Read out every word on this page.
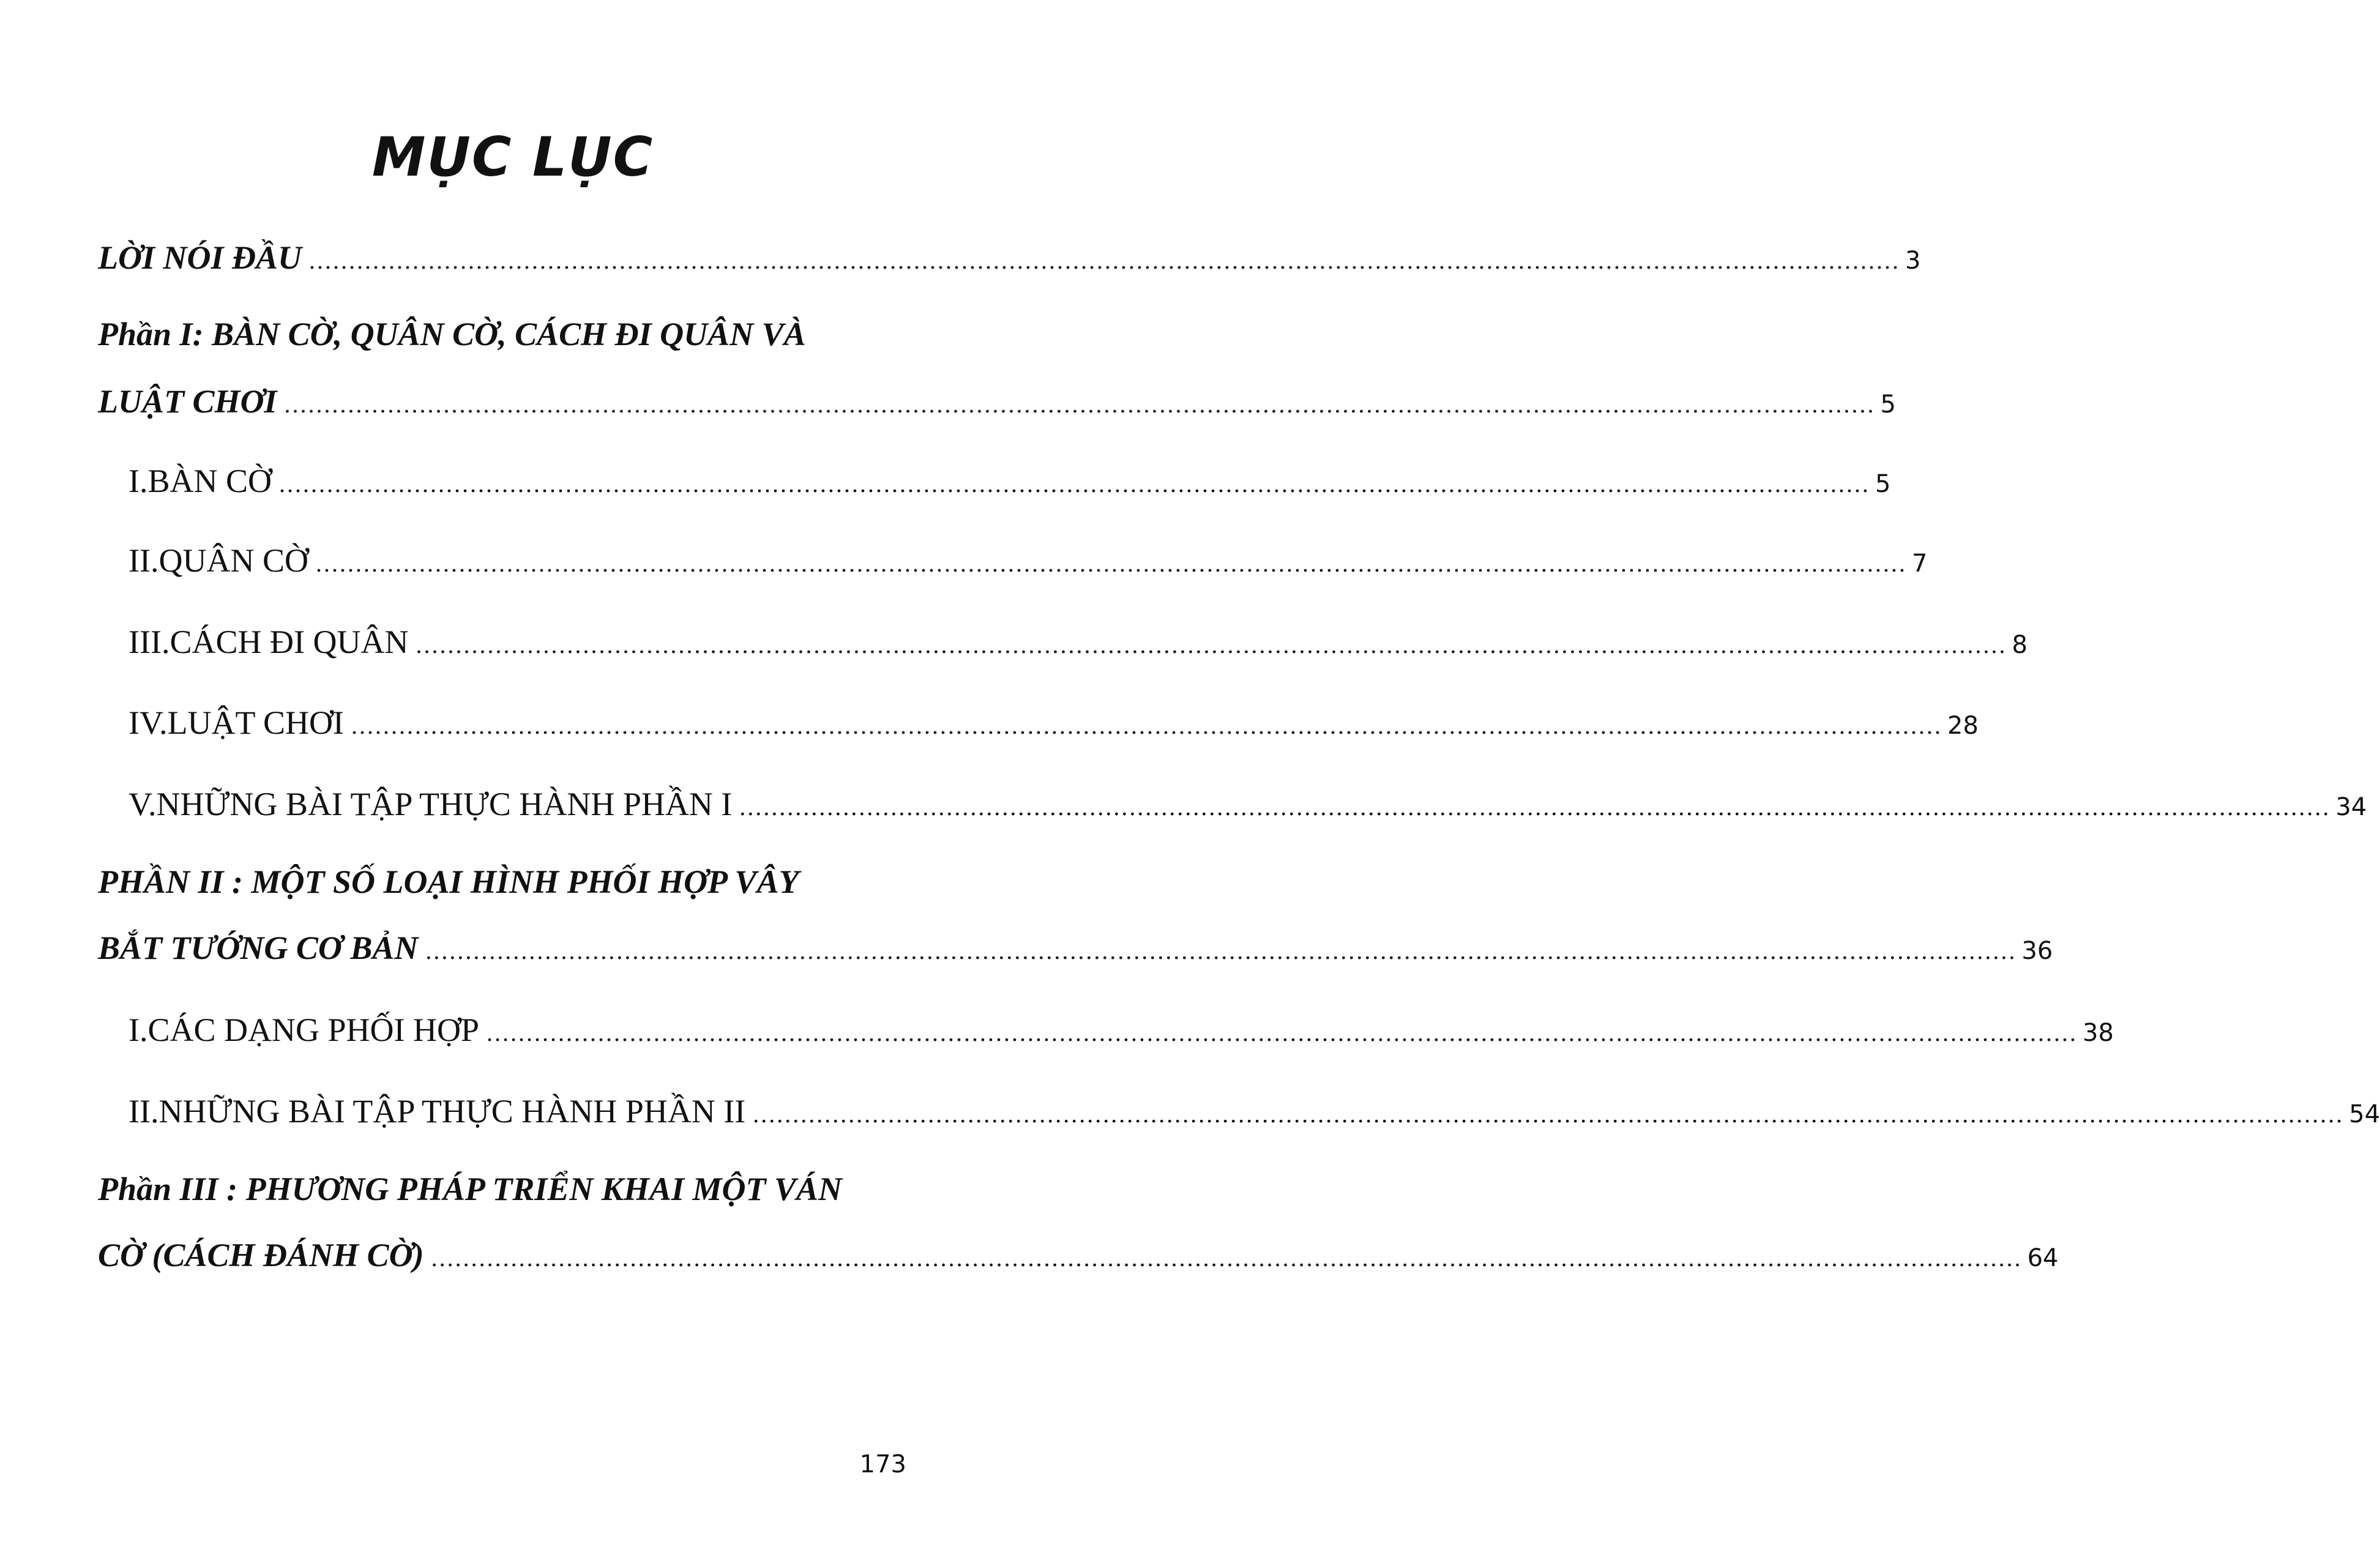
MỤC LỤC
LỜI NÓI ĐẦU ........................................................................................................................................................................................................ 3
Phần I: BÀN CỜ, QUÂN CỜ, CÁCH ĐI QUÂN VÀ
LUẬT CHƠI ........................................................................................................................................................................................................ 5
I.BÀN CỜ ........................................................................................................................................................................................................ 5
II.QUÂN CỜ ........................................................................................................................................................................................................ 7
III.CÁCH ĐI QUÂN ........................................................................................................................................................................................................ 8
IV.LUẬT CHƠI ........................................................................................................................................................................................................ 28
V.NHỮNG BÀI TẬP THỰC HÀNH PHẦN I ........................................................................................................................................................................................................ 34
PHẦN II : MỘT SỐ LOẠI HÌNH PHỐI HỢP VÂY
BẮT TƯỚNG CƠ BẢN ........................................................................................................................................................................................................ 36
I.CÁC DẠNG PHỐI HỢP ........................................................................................................................................................................................................ 38
II.NHỮNG BÀI TẬP THỰC HÀNH PHẦN II ........................................................................................................................................................................................................ 54
Phần III : PHƯƠNG PHÁP TRIỂN KHAI MỘT VÁN
CỜ (CÁCH ĐÁNH CỜ) ........................................................................................................................................................................................................ 64
173
